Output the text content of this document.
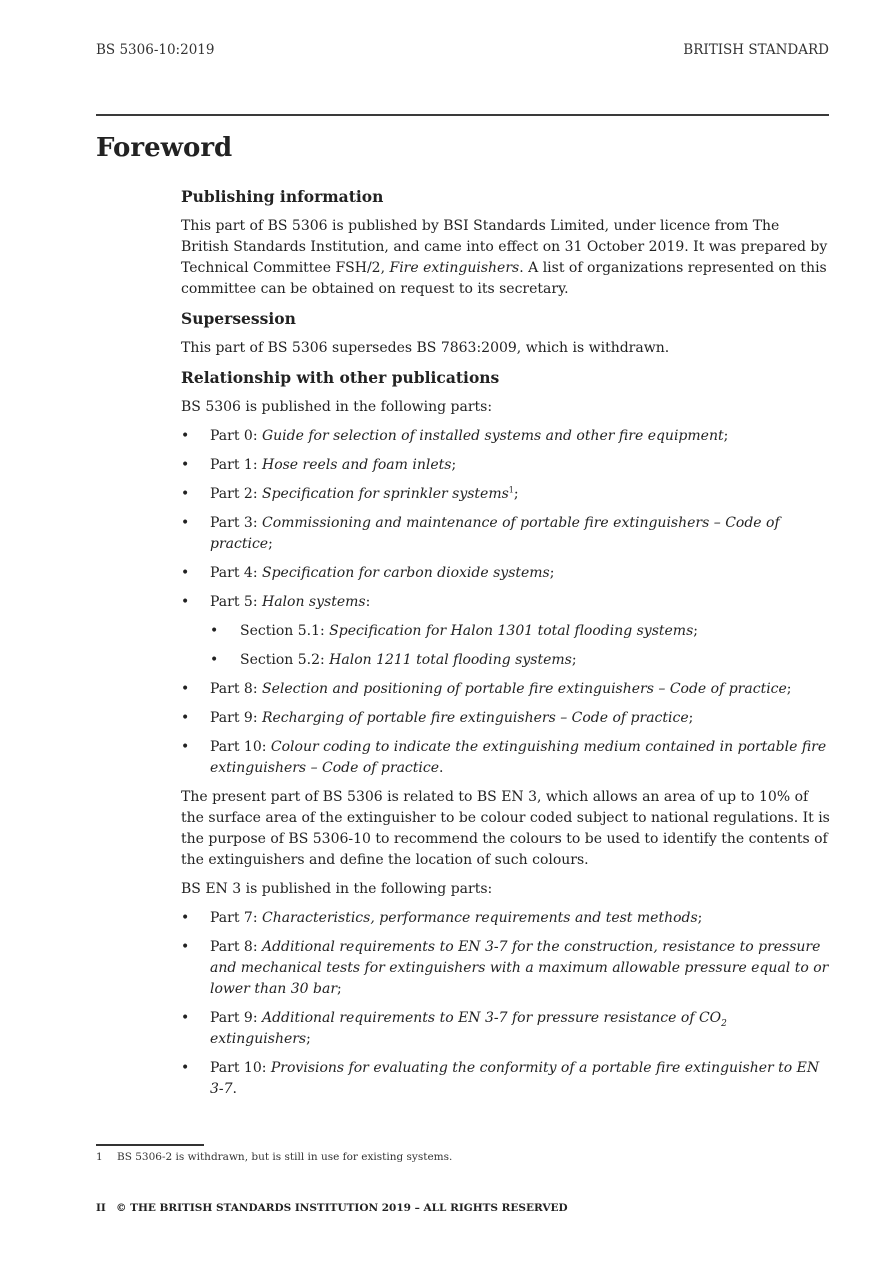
BS 5306-10:2019	BRITISH STANDARD
Foreword
Publishing information

This part of BS 5306 is published by BSI Standards Limited, under licence from The British Standards Institution, and came into effect on 31 October 2019. It was prepared by Technical Committee FSH/2, Fire extinguishers. A list of organizations represented on this committee can be obtained on request to its secretary.

Supersession

This part of BS 5306 supersedes BS 7863:2009, which is withdrawn.

Relationship with other publications

BS 5306 is published in the following parts:

• Part 0: Guide for selection of installed systems and other fire equipment;
• Part 1: Hose reels and foam inlets;
• Part 2: Specification for sprinkler systems$^1$;
• Part 3: Commissioning and maintenance of portable fire extinguishers – Code of practice;
• Part 4: Specification for carbon dioxide systems;
• Part 5: Halon systems:
• Section 5.1: Specification for Halon 1301 total flooding systems;
• Section 5.2: Halon 1211 total flooding systems;
• Part 8: Selection and positioning of portable fire extinguishers – Code of practice;
• Part 9: Recharging of portable fire extinguishers – Code of practice;
• Part 10: Colour coding to indicate the extinguishing medium contained in portable fire extinguishers – Code of practice.

The present part of BS 5306 is related to BS EN 3, which allows an area of up to 10% of the surface area of the extinguisher to be colour coded subject to national regulations. It is the purpose of BS 5306-10 to recommend the colours to be used to identify the contents of the extinguishers and define the location of such colours.

BS EN 3 is published in the following parts:

• Part 7: Characteristics, performance requirements and test methods;
• Part 8: Additional requirements to EN 3-7 for the construction, resistance to pressure and mechanical tests for extinguishers with a maximum allowable pressure equal to or lower than 30 bar;
• Part 9: Additional requirements to EN 3-7 for pressure resistance of $CO_2$ extinguishers;
• Part 10: Provisions for evaluating the conformity of a portable fire extinguisher to EN 3-7.
1 BS 5306-2 is withdrawn, but is still in use for existing systems.
II © THE BRITISH STANDARDS INSTITUTION 2019 – ALL RIGHTS RESERVED
